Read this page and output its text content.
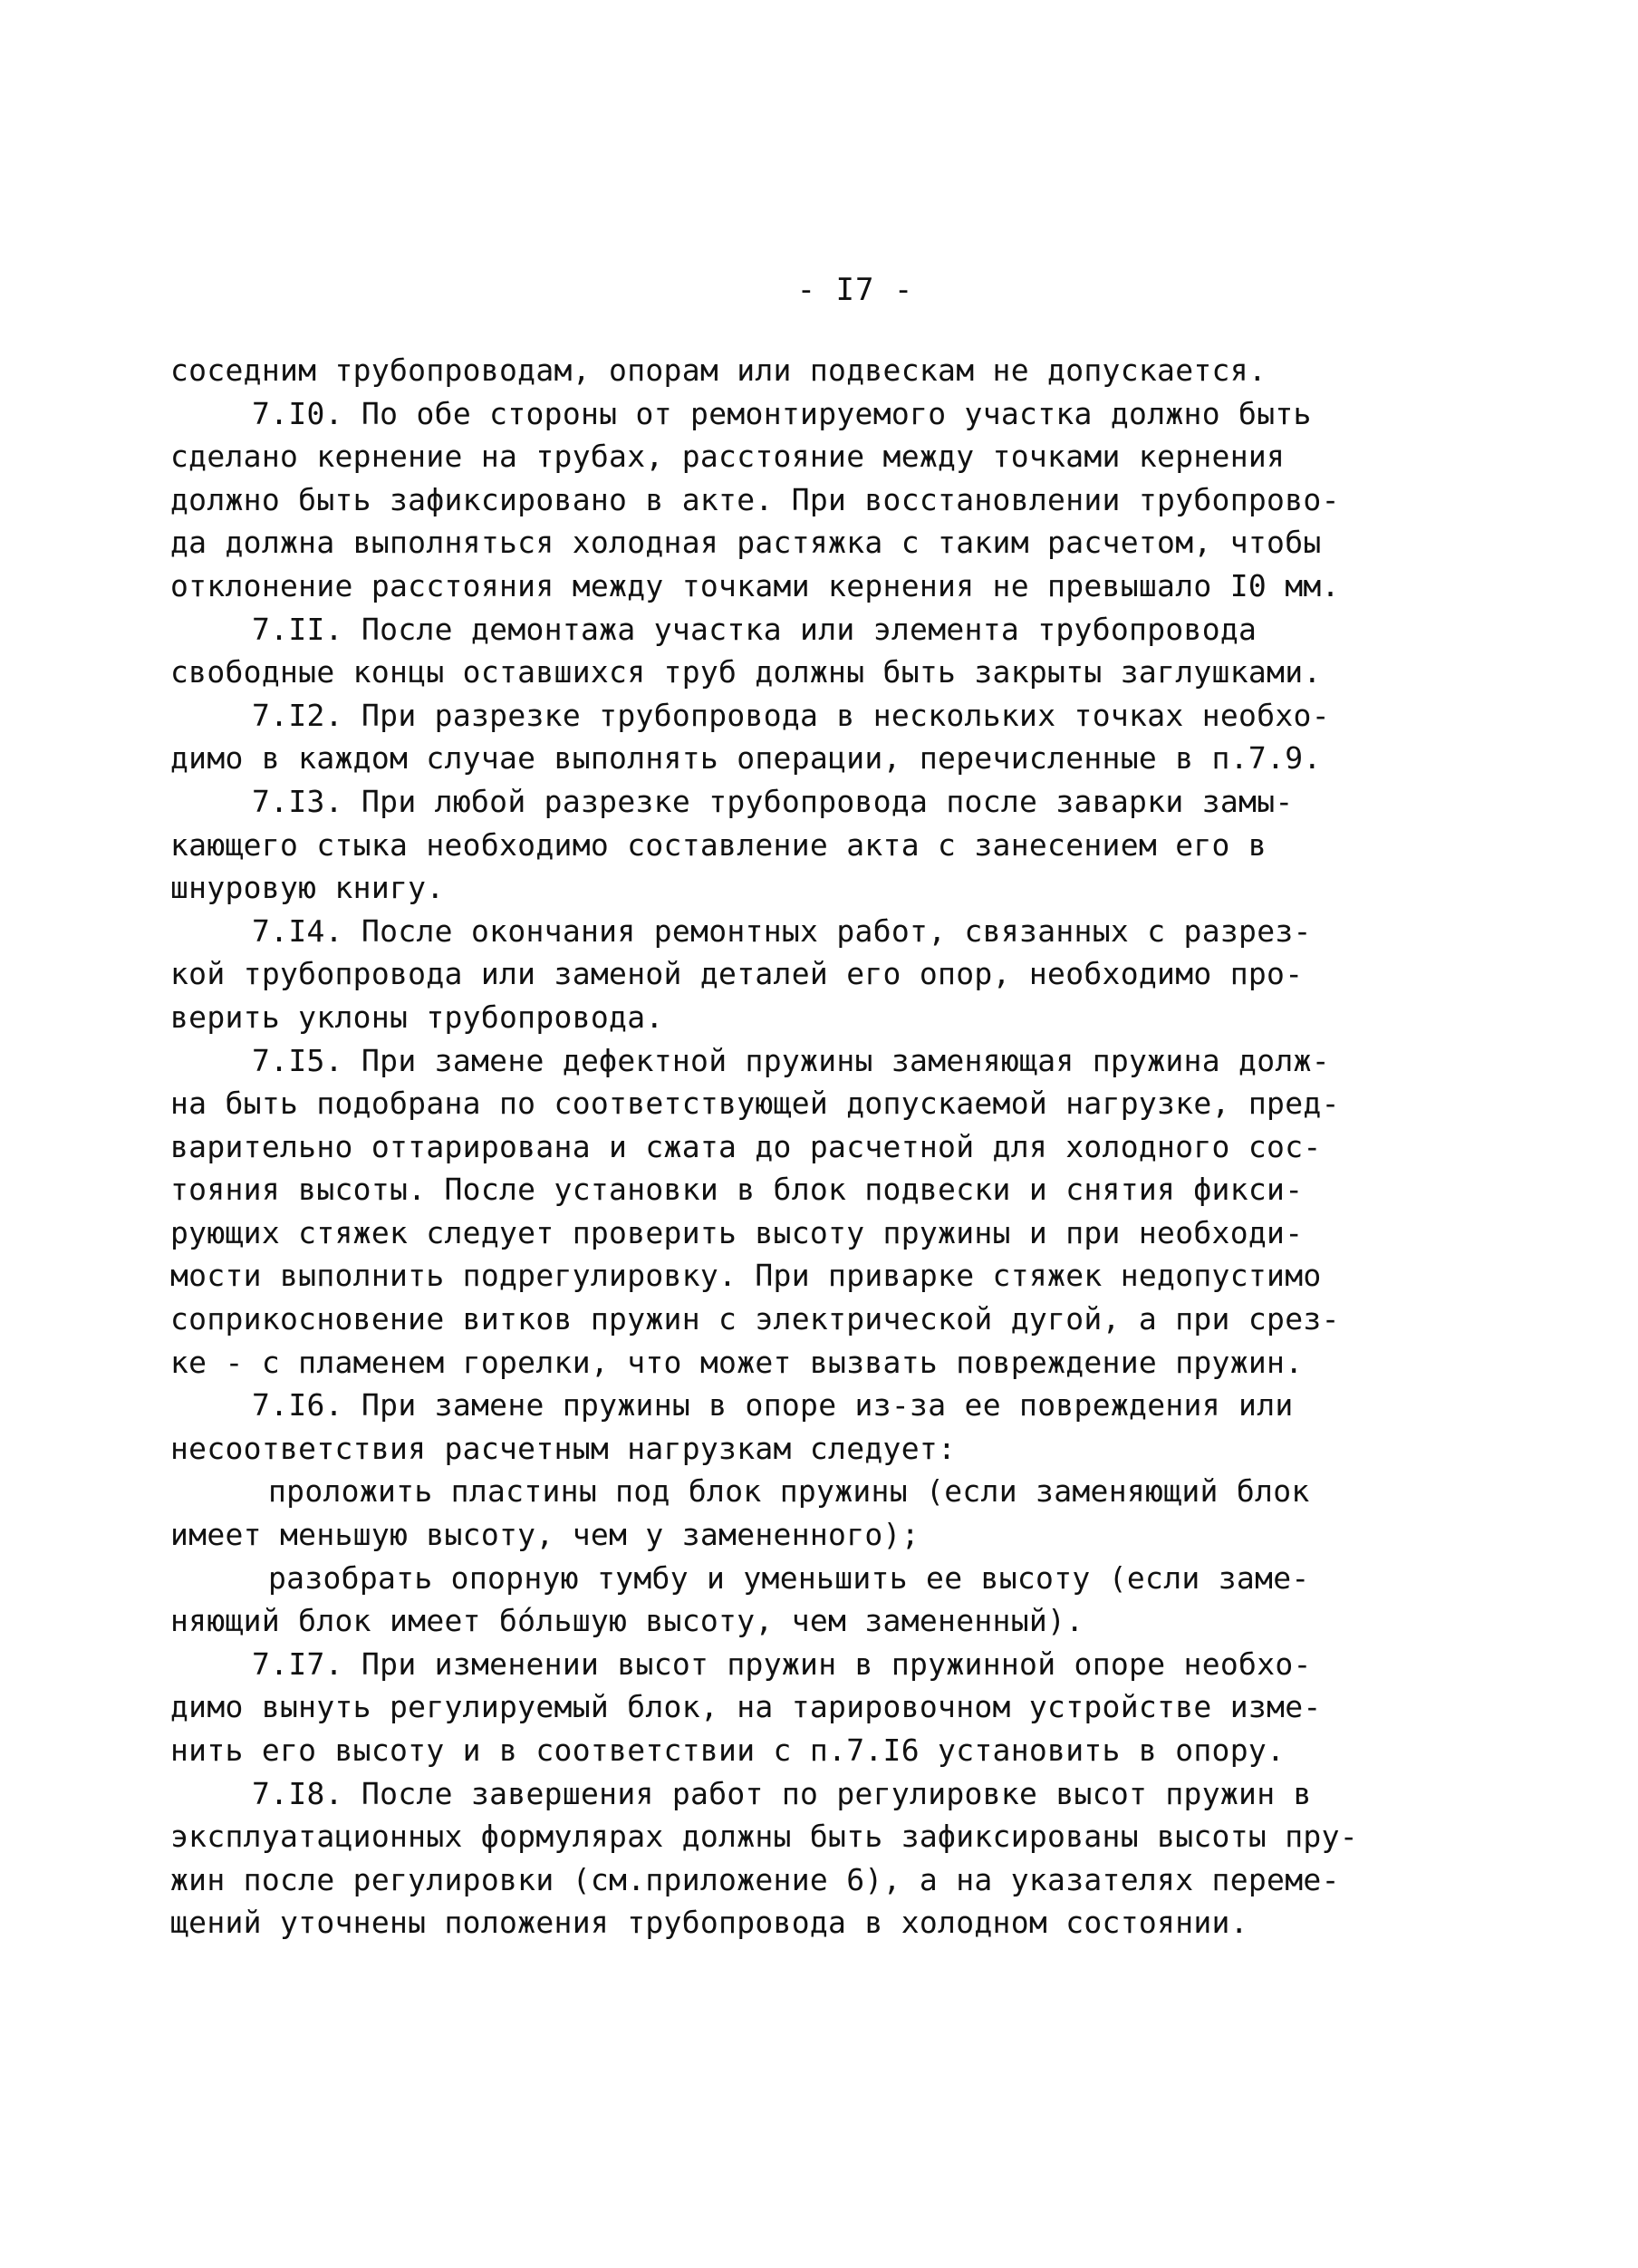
- I7 -
соседним трубопроводам, опорам или подвескам не допускается.
7.I0. По обе стороны от ремонтируемого участка должно быть
сделано кернение на трубах, расстояние между точками кернения
должно быть зафиксировано в акте. При восстановлении трубопрово-
да должна выполняться холодная растяжка с таким расчетом, чтобы
отклонение расстояния между точками кернения не превышало I0 мм.
7.II. После демонтажа участка или элемента трубопровода
свободные концы оставшихся труб должны быть закрыты заглушками.
7.I2. При разрезке трубопровода в нескольких точках необхо-
димо в каждом случае выполнять операции, перечисленные в п.7.9.
7.I3. При любой разрезке трубопровода после заварки замы-
кающего стыка необходимо составление акта с занесением его в
шнуровую книгу.
7.I4. После окончания ремонтных работ, связанных с разрез-
кой трубопровода или заменой деталей его опор, необходимо про-
верить уклоны трубопровода.
7.I5. При замене дефектной пружины заменяющая пружина долж-
на быть подобрана по соответствующей допускаемой нагрузке, пред-
варительно оттарирована и сжата до расчетной для холодного сос-
тояния высоты. После установки в блок подвески и снятия фикси-
рующих стяжек следует проверить высоту пружины и при необходи-
мости выполнить подрегулировку. При приварке стяжек недопустимо
соприкосновение витков пружин с электрической дугой, а при срез-
ке - с пламенем горелки, что может вызвать повреждение пружин.
7.I6. При замене пружины в опоре из-за ее повреждения или
несоответствия расчетным нагрузкам следует:
проложить пластины под блок пружины (если заменяющий блок
имеет меньшую высоту, чем у замененного);
разобрать опорную тумбу и уменьшить ее высоту (если заме-
няющий блок имеет бóльшую высоту, чем замененный).
7.I7. При изменении высот пружин в пружинной опоре необхо-
димо вынуть регулируемый блок, на тарировочном устройстве изме-
нить его высоту и в соответствии с п.7.I6 установить в опору.
7.I8. После завершения работ по регулировке высот пружин в
эксплуатационных формулярах должны быть зафиксированы высоты пру-
жин после регулировки (см.приложение 6), а на указателях переме-
щений уточнены положения трубопровода в холодном состоянии.
